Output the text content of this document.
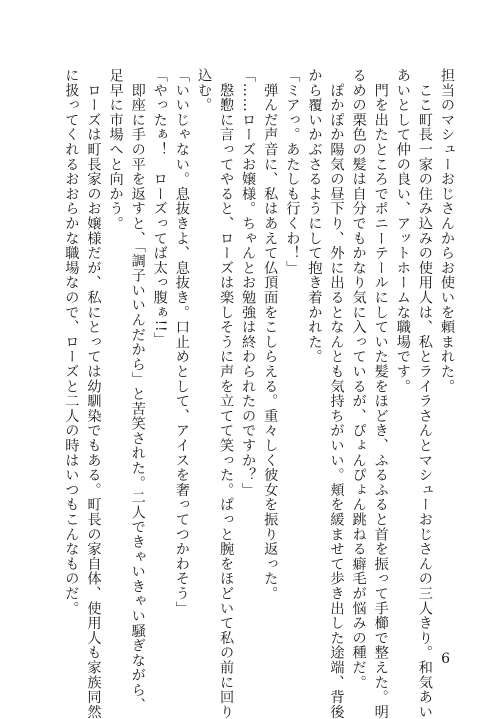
担当のマシューおじさんからお使いを頼まれた。
　ここ町長一家の住み込みの使用人は、私とライラさんとマシューおじさんの三人きり。和気あい
あいとして仲の良い、アットホームな職場です。
　門を出たところでポニーテールにしていた髪をほどき、ふるふると首を振って手櫛で整えた。明
るめの栗色の髪は自分でもかなり気に入っているが、ぴょんぴょん跳ねる癖毛が悩みの種だ。
　ぽかぽか陽気の昼下り、外に出るとなんとも気持ちがいい。頬を緩ませて歩き出した途端、背後
から覆いかぶさるようにして抱き着かれた。
「ミアっ。あたしも行くわ！」
　弾んだ声音に、私はあえて仏頂面をこしらえる。重々しく彼女を振り返った。
「……ローズお嬢様。ちゃんとお勉強は終わられたのですか？」
　慇懃に言ってやると、ローズは楽しそうに声を立てて笑った。ぱっと腕をほどいて私の前に回り
込む。
「いいじゃない。息抜きよ、息抜き。口止めとして、アイスを奢ってつかわそう」
「やったぁ！　ローズってば太っ腹ぁ!!」
　即座に手の平を返すと、「調子いいんだから」と苦笑された。二人できゃいきゃい騒ぎながら、
足早に市場へと向かう。
　ローズは町長家のお嬢様だが、私にとっては幼馴染でもある。町長の家自体、使用人も家族同然
に扱ってくれるおおらかな職場なので、ローズと二人の時はいつもこんなものだ。
6
